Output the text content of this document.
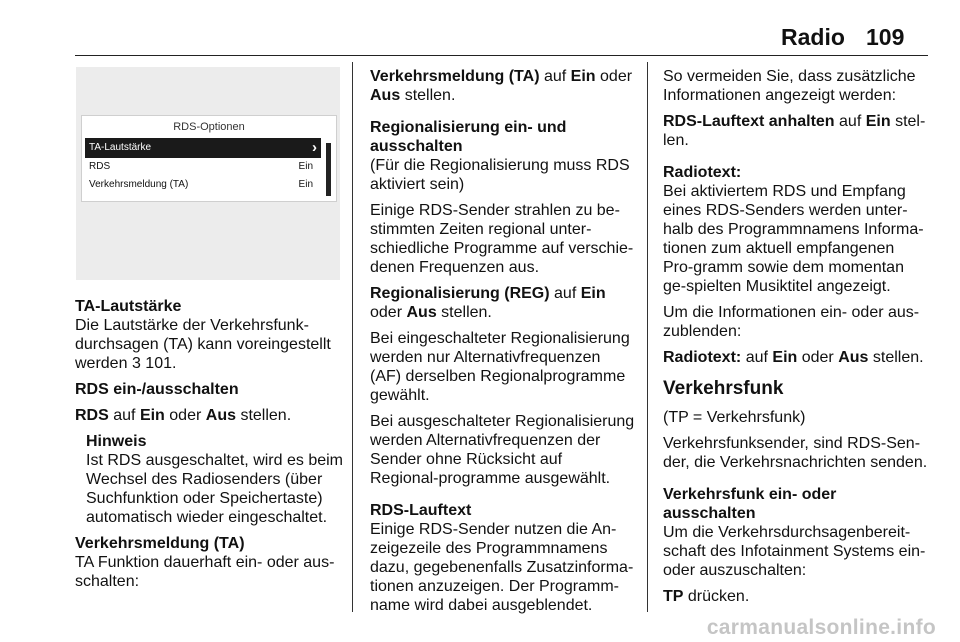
Radio 109
RDS-Optionen
TA-Lautstärke	›
RDS	Ein
Verkehrsmeldung (TA)	Ein

TA-Lautstärke

Die Lautstärke der Verkehrsfunk-durchsagen (TA) kann voreingestellt werden 3 101.

RDS ein-/ausschalten

RDS auf Ein oder Aus stellen.

Hinweis

Ist RDS ausgeschaltet, wird es beim Wechsel des Radiosenders (über Suchfunktion oder Speichertaste) automatisch wieder eingeschaltet.

Verkehrsmeldung (TA)

TA Funktion dauerhaft ein- oder aus-schalten:

Verkehrsmeldung (TA) auf Ein oder Aus stellen.

Regionalisierung ein- und ausschalten

(Für die Regionalisierung muss RDS aktiviert sein)

Einige RDS-Sender strahlen zu be-stimmten Zeiten regional unter-schiedliche Programme auf verschie-denen Frequenzen aus.

Regionalisierung (REG) auf Ein oder Aus stellen.

Bei eingeschalteter Regionalisierung werden nur Alternativfrequenzen (AF) derselben Regionalprogramme gewählt.

Bei ausgeschalteter Regionalisierung werden Alternativfrequenzen der Sender ohne Rücksicht auf Regional-programme ausgewählt.

RDS-Lauftext

Einige RDS-Sender nutzen die An-zeigezeile des Programmnamens dazu, gegebenenfalls Zusatzinforma-tionen anzuzeigen. Der Programm-name wird dabei ausgeblendet.

So vermeiden Sie, dass zusätzliche Informationen angezeigt werden:

RDS-Lauftext anhalten auf Ein stel-len.

Radiotext:

Bei aktiviertem RDS und Empfang eines RDS-Senders werden unter-halb des Programmnamens Informa-tionen zum aktuell empfangenen Pro-gramm sowie dem momentan ge-spielten Musiktitel angezeigt.

Um die Informationen ein- oder aus-zublenden:

Radiotext: auf Ein oder Aus stellen.

Verkehrsfunk

(TP = Verkehrsfunk)

Verkehrsfunksender, sind RDS-Sen-der, die Verkehrsnachrichten senden.

Verkehrsfunk ein- oder ausschalten

Um die Verkehrsdurchsagenbereit-schaft des Infotainment Systems ein-oder auszuschalten:

TP drücken.

carmanualsonline.info
